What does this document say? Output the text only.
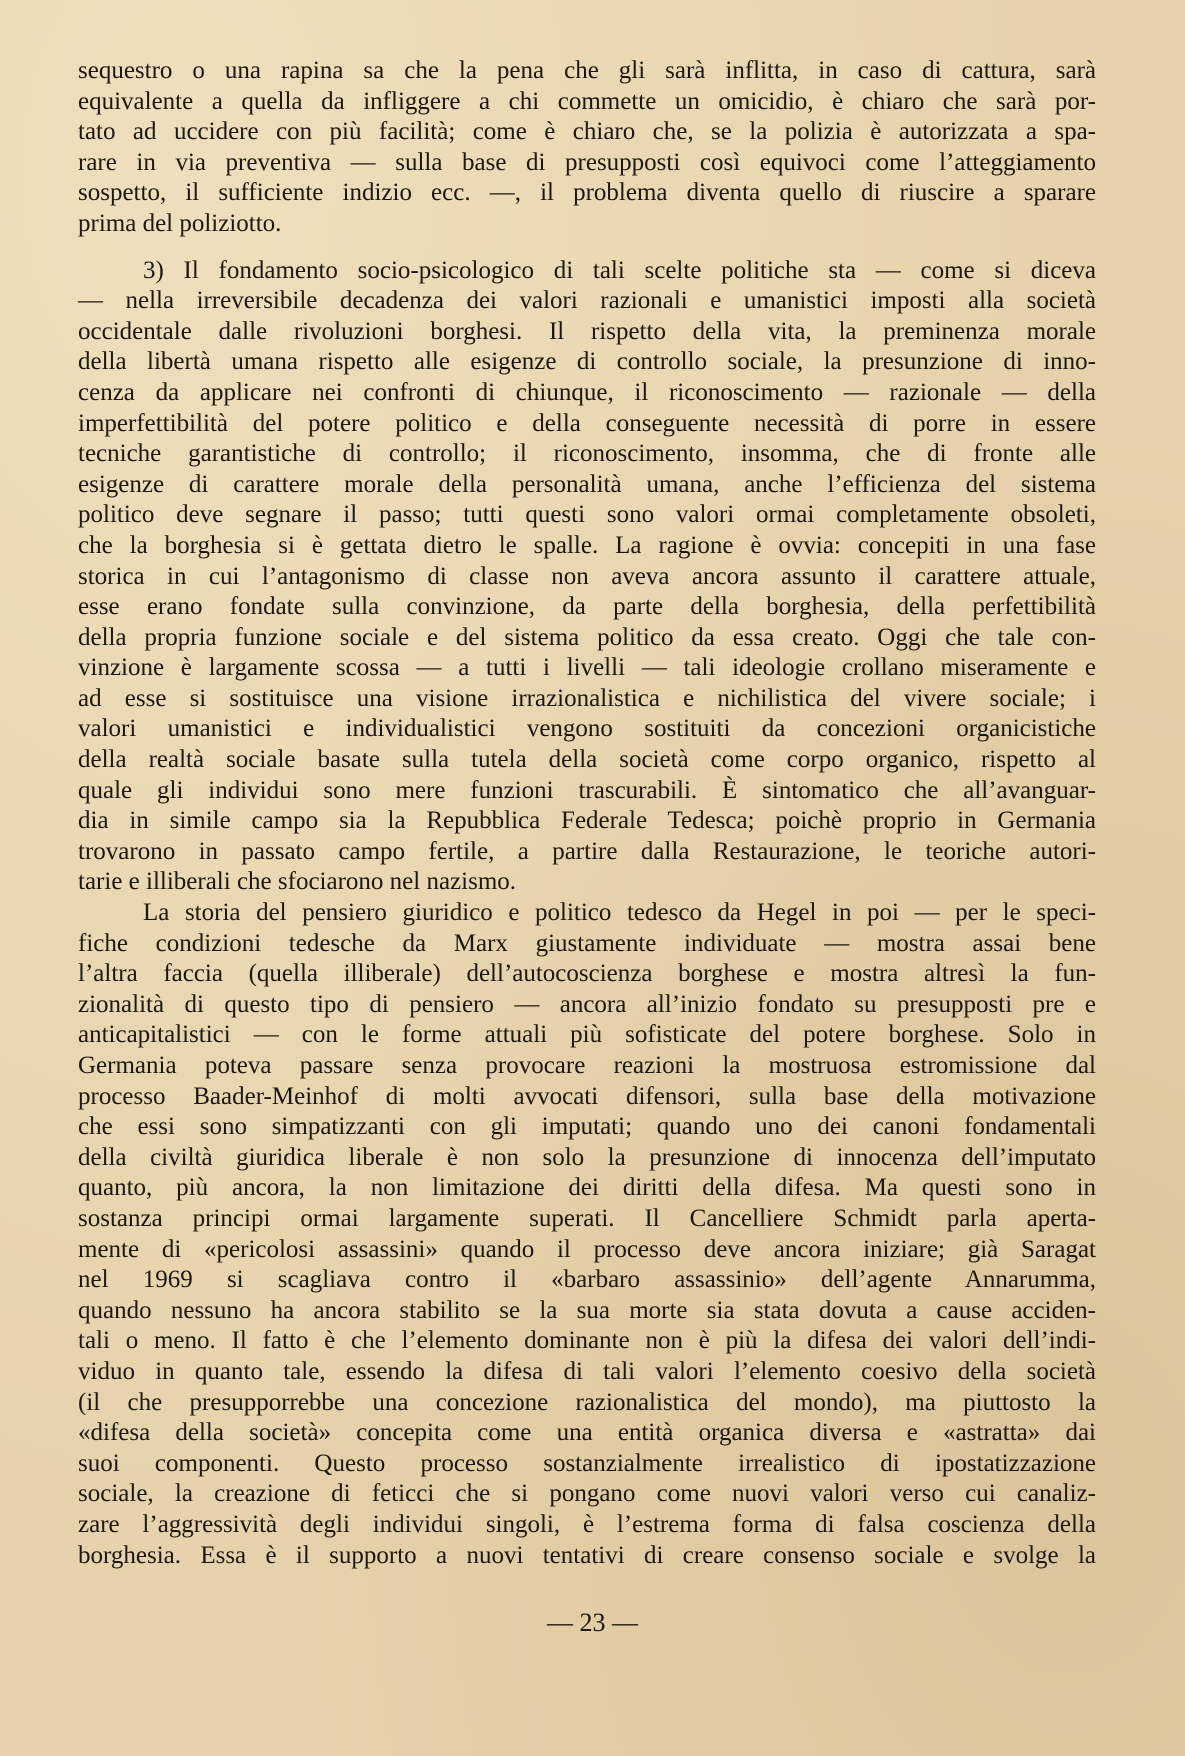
sequestro o una rapina sa che la pena che gli sarà inflitta, in caso di cattura, sarà
equivalente a quella da infliggere a chi commette un omicidio, è chiaro che sarà por-
tato ad uccidere con più facilità; come è chiaro che, se la polizia è autorizzata a spa-
rare in via preventiva — sulla base di presupposti così equivoci come l’atteggiamento
sospetto, il sufficiente indizio ecc. —, il problema diventa quello di riuscire a sparare
prima del poliziotto.
3) Il fondamento socio-psicologico di tali scelte politiche sta — come si diceva
— nella irreversibile decadenza dei valori razionali e umanistici imposti alla società
occidentale dalle rivoluzioni borghesi. Il rispetto della vita, la preminenza morale
della libertà umana rispetto alle esigenze di controllo sociale, la presunzione di inno-
cenza da applicare nei confronti di chiunque, il riconoscimento — razionale — della
imperfettibilità del potere politico e della conseguente necessità di porre in essere
tecniche garantistiche di controllo; il riconoscimento, insomma, che di fronte alle
esigenze di carattere morale della personalità umana, anche l’efficienza del sistema
politico deve segnare il passo; tutti questi sono valori ormai completamente obsoleti,
che la borghesia si è gettata dietro le spalle. La ragione è ovvia: concepiti in una fase
storica in cui l’antagonismo di classe non aveva ancora assunto il carattere attuale,
esse erano fondate sulla convinzione, da parte della borghesia, della perfettibilità
della propria funzione sociale e del sistema politico da essa creato. Oggi che tale con-
vinzione è largamente scossa — a tutti i livelli — tali ideologie crollano miseramente e
ad esse si sostituisce una visione irrazionalistica e nichilistica del vivere sociale; i
valori umanistici e individualistici vengono sostituiti da concezioni organicistiche
della realtà sociale basate sulla tutela della società come corpo organico, rispetto al
quale gli individui sono mere funzioni trascurabili. È sintomatico che all’avanguar-
dia in simile campo sia la Repubblica Federale Tedesca; poichè proprio in Germania
trovarono in passato campo fertile, a partire dalla Restaurazione, le teoriche autori-
tarie e illiberali che sfociarono nel nazismo.
La storia del pensiero giuridico e politico tedesco da Hegel in poi — per le speci-
fiche condizioni tedesche da Marx giustamente individuate — mostra assai bene
l’altra faccia (quella illiberale) dell’autocoscienza borghese e mostra altresì la fun-
zionalità di questo tipo di pensiero — ancora all’inizio fondato su presupposti pre e
anticapitalistici — con le forme attuali più sofisticate del potere borghese. Solo in
Germania poteva passare senza provocare reazioni la mostruosa estromissione dal
processo Baader-Meinhof di molti avvocati difensori, sulla base della motivazione
che essi sono simpatizzanti con gli imputati; quando uno dei canoni fondamentali
della civiltà giuridica liberale è non solo la presunzione di innocenza dell’imputato
quanto, più ancora, la non limitazione dei diritti della difesa. Ma questi sono in
sostanza principi ormai largamente superati. Il Cancelliere Schmidt parla aperta-
mente di «pericolosi assassini» quando il processo deve ancora iniziare; già Saragat
nel 1969 si scagliava contro il «barbaro assassinio» dell’agente Annarumma,
quando nessuno ha ancora stabilito se la sua morte sia stata dovuta a cause acciden-
tali o meno. Il fatto è che l’elemento dominante non è più la difesa dei valori dell’indi-
viduo in quanto tale, essendo la difesa di tali valori l’elemento coesivo della società
(il che presupporrebbe una concezione razionalistica del mondo), ma piuttosto la
«difesa della società» concepita come una entità organica diversa e «astratta» dai
suoi componenti. Questo processo sostanzialmente irrealistico di ipostatizzazione
sociale, la creazione di feticci che si pongano come nuovi valori verso cui canaliz-
zare l’aggressività degli individui singoli, è l’estrema forma di falsa coscienza della
borghesia. Essa è il supporto a nuovi tentativi di creare consenso sociale e svolge la
— 23 —
